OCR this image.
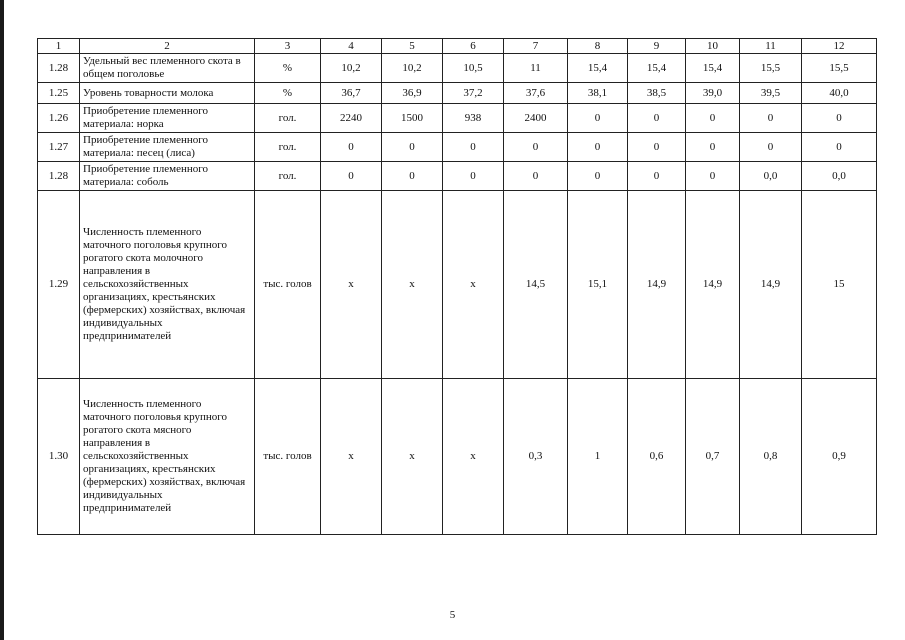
1	2	3	4	5	6	7	8	9	10	11	12
1.28	Удельный вес племенного скота в общем поголовье	%	10,2	10,2	10,5	11	15,4	15,4	15,4	15,5	15,5
1.25	Уровень товарности молока	%	36,7	36,9	37,2	37,6	38,1	38,5	39,0	39,5	40,0
1.26	Приобретение племенного материала: норка	гол.	2240	1500	938	2400	0	0	0	0	0
1.27	Приобретение племенного материала: песец (лиса)	гол.	0	0	0	0	0	0	0	0	0
1.28	Приобретение племенного материала: соболь	гол.	0	0	0	0	0	0	0	0,0	0,0
1.29	Численность племенного маточного поголовья крупного рогатого скота молочного направления в сельскохозяйственных организациях, крестьянских (фермерских) хозяйствах, включая индивидуальных предпринимателей	тыс. голов	х	х	х	14,5	15,1	14,9	14,9	14,9	15
1.30	Численность племенного маточного поголовья крупного рогатого скота мясного направления в сельскохозяйственных организациях, крестьянских (фермерских) хозяйствах, включая индивидуальных предпринимателей	тыс. голов	х	х	х	0,3	1	0,6	0,7	0,8	0,9
5
